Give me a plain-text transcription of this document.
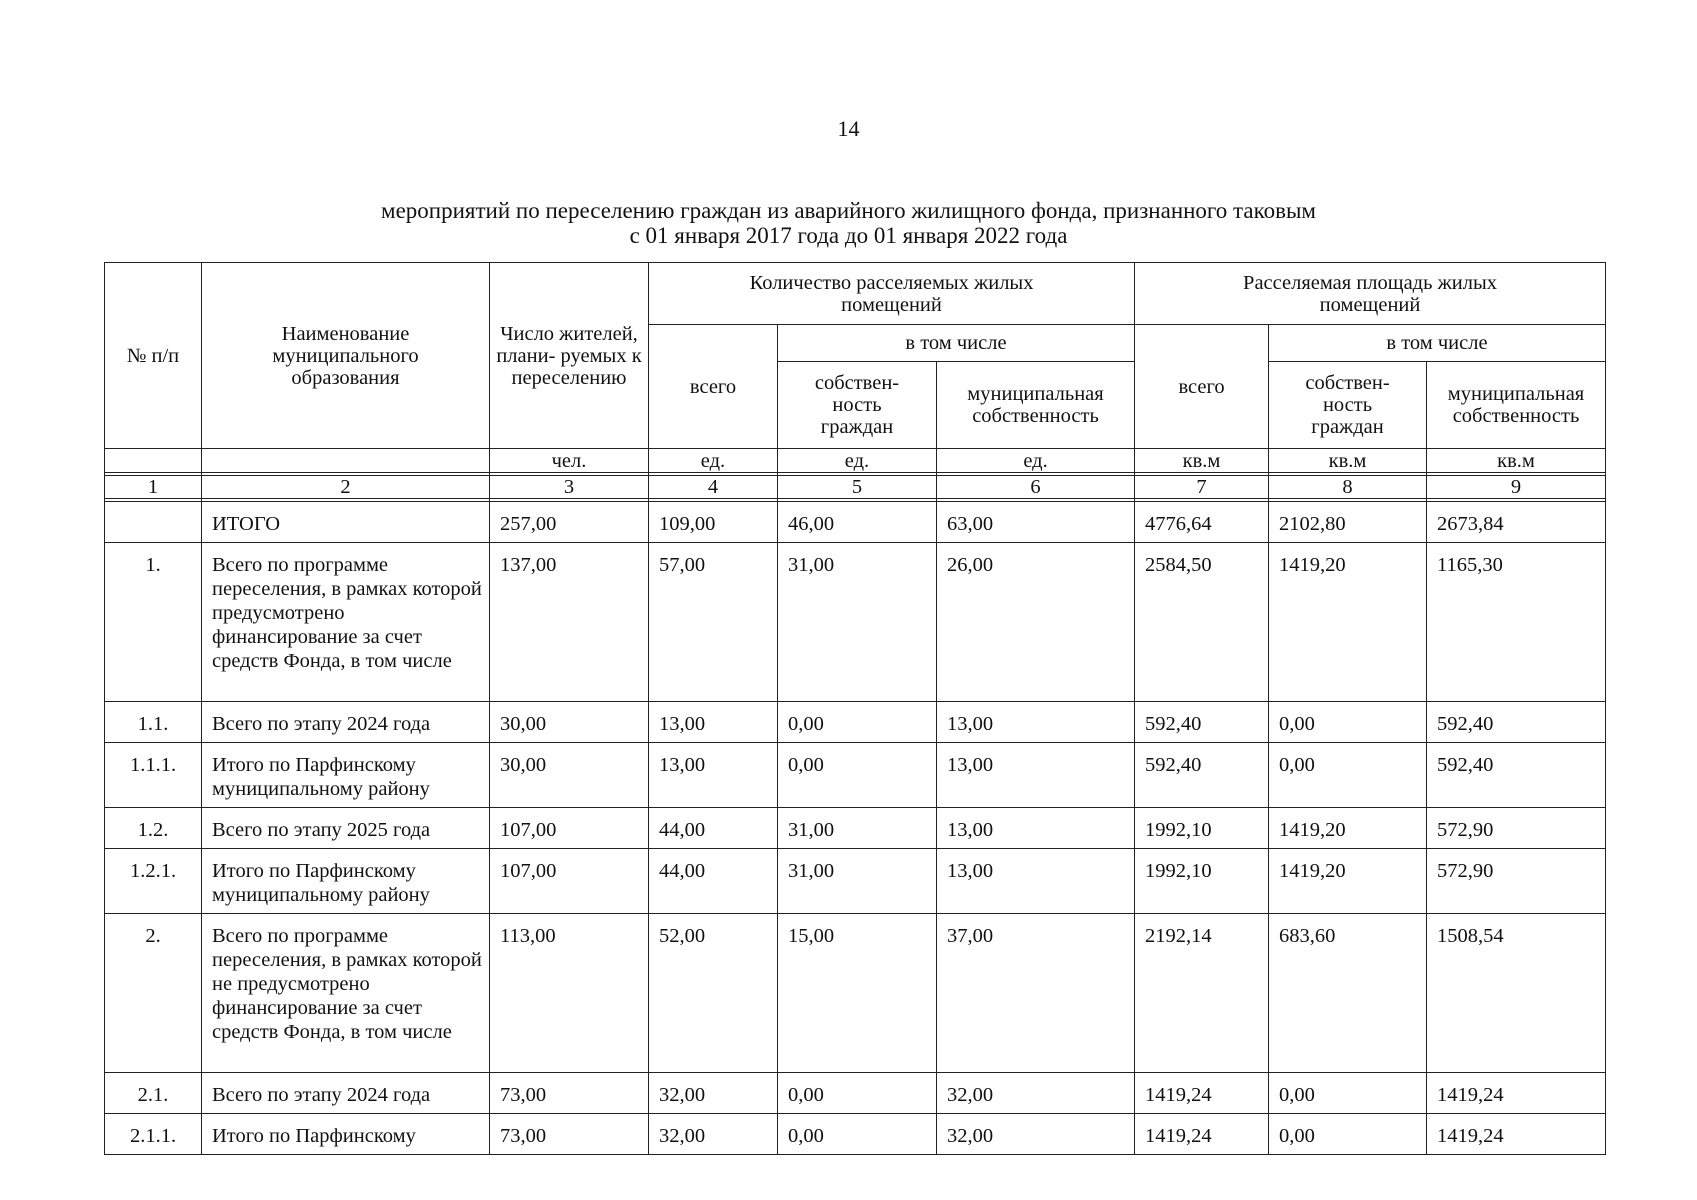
14
мероприятий по переселению граждан из аварийного жилищного фонда, признанного таковым
с 01 января 2017 года до 01 января 2022 года
№ п/п	Наименование муниципального образования	Число жителей, плани- руемых к переселению	Количество расселяемых жилых помещений			Расселяемая площадь жилых помещений		
			всего	в том числе		всего	в том числе	
				собствен- ность граждан	муниципальная собственность		собствен- ность граждан	муниципальная собственность
		чел.	ед.	ед.	ед.	кв.м	кв.м	кв.м

1	2	3	4	5	6	7	8	9

	ИТОГО	257,00	109,00	46,00	63,00	4776,64	2102,80	2673,84
1.	Всего по программе переселения, в рамках которой предусмотрено финансирование за счет средств Фонда, в том числе	137,00	57,00	31,00	26,00	2584,50	1419,20	1165,30
1.1.	Всего по этапу 2024 года	30,00	13,00	0,00	13,00	592,40	0,00	592,40
1.1.1.	Итого по Парфинскому муниципальному району	30,00	13,00	0,00	13,00	592,40	0,00	592,40
1.2.	Всего по этапу 2025 года	107,00	44,00	31,00	13,00	1992,10	1419,20	572,90
1.2.1.	Итого по Парфинскому муниципальному району	107,00	44,00	31,00	13,00	1992,10	1419,20	572,90
2.	Всего по программе переселения, в рамках которой не предусмотрено финансирование за счет средств Фонда, в том числе	113,00	52,00	15,00	37,00	2192,14	683,60	1508,54
2.1.	Всего по этапу 2024 года	73,00	32,00	0,00	32,00	1419,24	0,00	1419,24
2.1.1.	Итого по Парфинскому	73,00	32,00	0,00	32,00	1419,24	0,00	1419,24
